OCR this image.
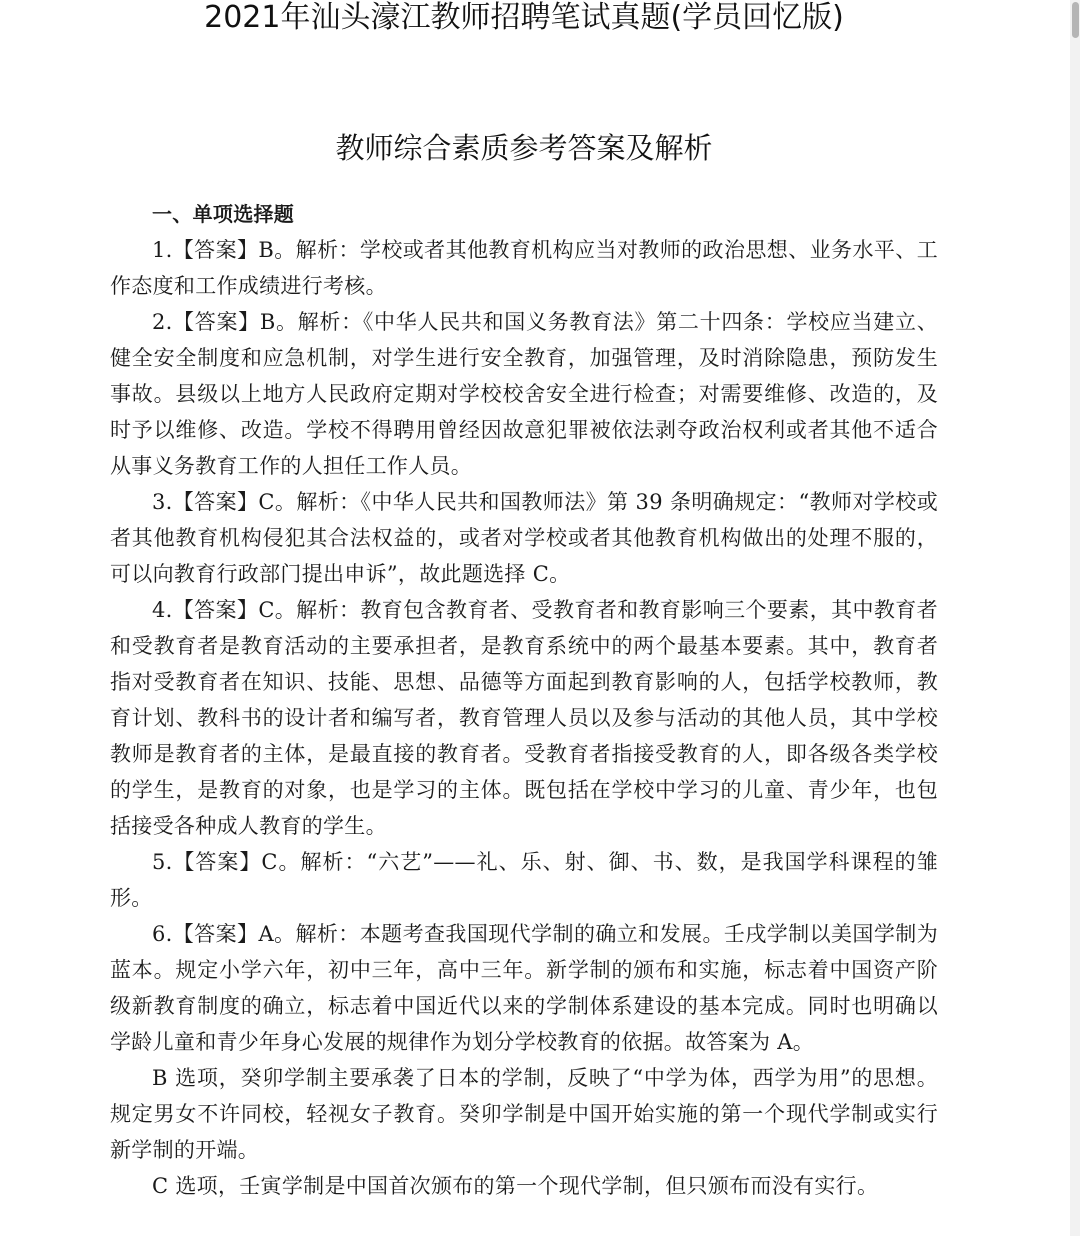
2021年汕头濠江教师招聘笔试真题(学员回忆版)
教师综合素质参考答案及解析

一、单项选择题

1.【答案】B。解析：学校或者其他教育机构应当对教师的政治思想、业务水平、工作态度和工作成绩进行考核。

2.【答案】B。解析：《中华人民共和国义务教育法》第二十四条：学校应当建立、健全安全制度和应急机制，对学生进行安全教育，加强管理，及时消除隐患，预防发生事故。县级以上地方人民政府定期对学校校舍安全进行检查；对需要维修、改造的，及时予以维修、改造。学校不得聘用曾经因故意犯罪被依法剥夺政治权利或者其他不适合从事义务教育工作的人担任工作人员。

3.【答案】C。解析：《中华人民共和国教师法》第 39 条明确规定：“教师对学校或者其他教育机构侵犯其合法权益的，或者对学校或者其他教育机构做出的处理不服的，可以向教育行政部门提出申诉”，故此题选择 C。

4.【答案】C。解析：教育包含教育者、受教育者和教育影响三个要素，其中教育者和受教育者是教育活动的主要承担者，是教育系统中的两个最基本要素。其中，教育者指对受教育者在知识、技能、思想、品德等方面起到教育影响的人，包括学校教师，教育计划、教科书的设计者和编写者，教育管理人员以及参与活动的其他人员，其中学校教师是教育者的主体，是最直接的教育者。受教育者指接受教育的人，即各级各类学校的学生，是教育的对象，也是学习的主体。既包括在学校中学习的儿童、青少年，也包括接受各种成人教育的学生。

5.【答案】C。解析：“六艺”——礼、乐、射、御、书、数，是我国学科课程的雏形。

6.【答案】A。解析：本题考查我国现代学制的确立和发展。壬戌学制以美国学制为蓝本。规定小学六年，初中三年，高中三年。新学制的颁布和实施，标志着中国资产阶级新教育制度的确立，标志着中国近代以来的学制体系建设的基本完成。同时也明确以学龄儿童和青少年身心发展的规律作为划分学校教育的依据。故答案为 A。

B 选项，癸卯学制主要承袭了日本的学制，反映了“中学为体，西学为用”的思想。规定男女不许同校，轻视女子教育。癸卯学制是中国开始实施的第一个现代学制或实行新学制的开端。

C 选项，壬寅学制是中国首次颁布的第一个现代学制，但只颁布而没有实行。
